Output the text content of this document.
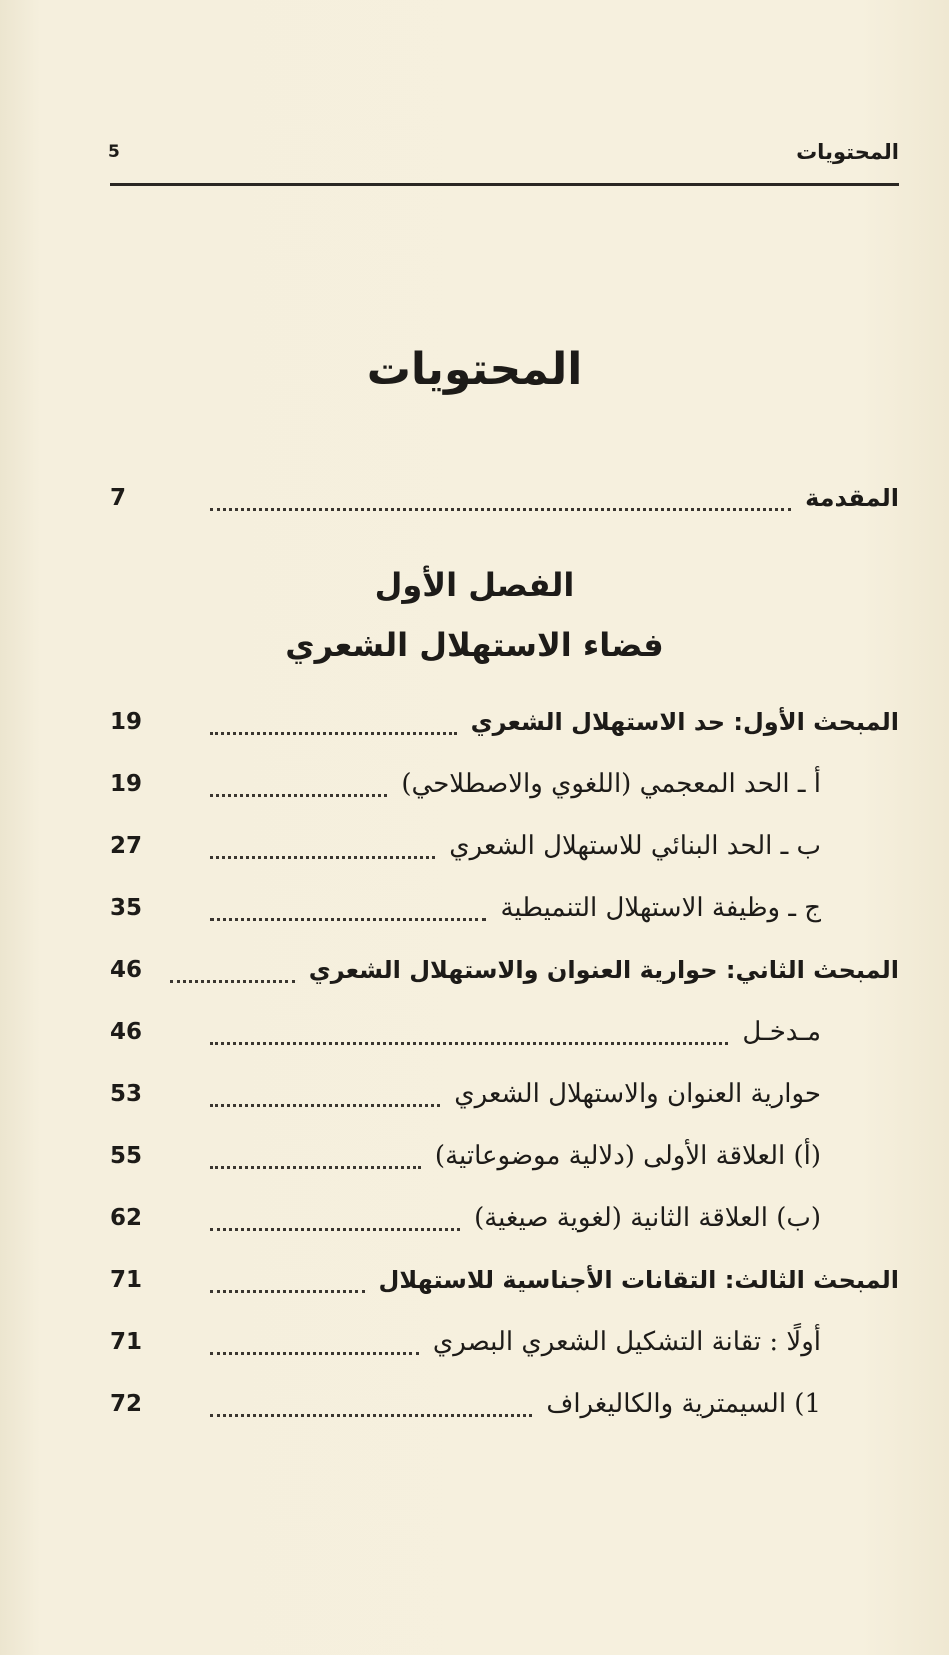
المحتويات
5
المحتويات
المقدمة
7
الفصل الأول
فضاء الاستهلال الشعري
المبحث الأول: حد الاستهلال الشعري
19
أ ـ الحد المعجمي (اللغوي والاصطلاحي)
19
ب ـ الحد البنائي للاستهلال الشعري
27
ج ـ وظيفة الاستهلال التنميطية
35
المبحث الثاني: حوارية العنوان والاستهلال الشعري
46
مـدخـل
46
حوارية العنوان والاستهلال الشعري
53
(أ) العلاقة الأولى (دلالية موضوعاتية)
55
(ب) العلاقة الثانية (لغوية صيغية)
62
المبحث الثالث: التقانات الأجناسية للاستهلال
71
أولًا : تقانة التشكيل الشعري البصري
71
1) السيمترية والكاليغراف
72
